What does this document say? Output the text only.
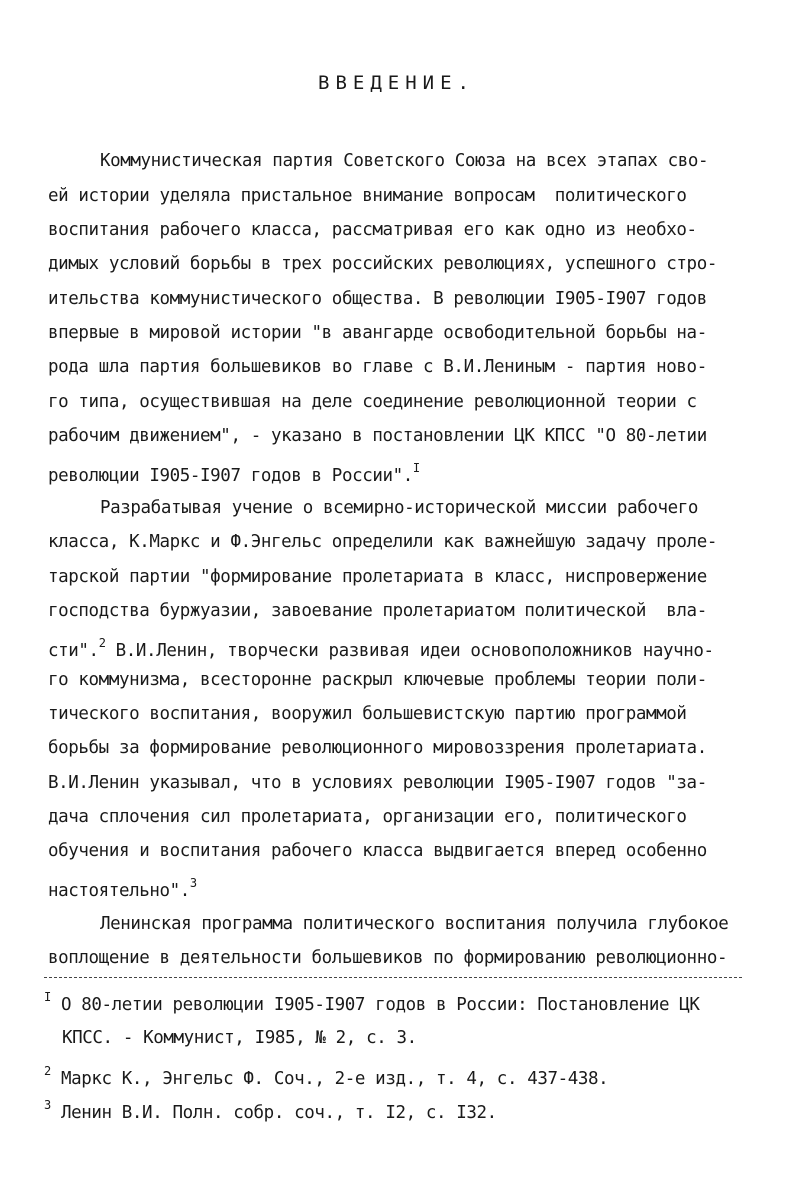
ВВЕДЕНИЕ.
Коммунистическая партия Советского Союза на всех этапах сво-
ей истории уделяла пристальное внимание вопросам  политического
воспитания рабочего класса, рассматривая его как одно из необхо-
димых условий борьбы в трех российских революциях, успешного стро-
ительства коммунистического общества. В революции I905-I907 годов
впервые в мировой истории "в авангарде освободительной борьбы на-
рода шла партия большевиков во главе с В.И.Лениным - партия ново-
го типа, осуществившая на деле соединение революционной теории с
рабочим движением", - указано в постановлении ЦК КПСС "О 80-летии
революции I905-I907 годов в России".$^I$
Разрабатывая учение о всемирно-исторической миссии рабочего
класса, К.Маркс и Ф.Энгельс определили как важнейшую задачу проле-
тарской партии "формирование пролетариата в класс, ниспровержение
господства буржуазии, завоевание пролетариатом политической  вла-
сти".$^2$ В.И.Ленин, творчески развивая идеи основоположников научно-
го коммунизма, всесторонне раскрыл ключевые проблемы теории поли-
тического воспитания, вооружил большевистскую партию программой
борьбы за формирование революционного мировоззрения пролетариата.
В.И.Ленин указывал, что в условиях революции I905-I907 годов "за-
дача сплочения сил пролетариата, организации его, политического
обучения и воспитания рабочего класса выдвигается вперед особенно
настоятельно".$^3$
Ленинская программа политического воспитания получила глубокое
воплощение в деятельности большевиков по формированию революционно-
$^I$ О 80-летии революции I905-I907 годов в России: Постановление ЦК
КПСС. - Коммунист, I985, № 2, с. 3.
$^2$ Маркс К., Энгельс Ф. Соч., 2-е изд., т. 4, с. 437-438.
$^3$ Ленин В.И. Полн. собр. соч., т. I2, с. I32.
